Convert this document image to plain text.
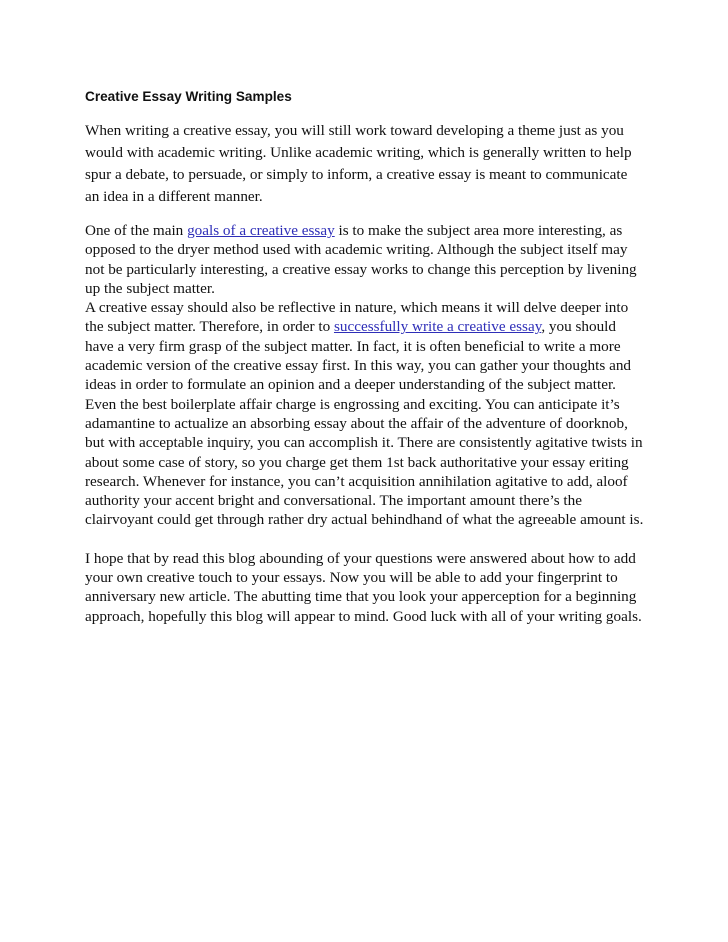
Creative Essay Writing Samples

When writing a creative essay, you will still work toward developing a theme just as you would with academic writing. Unlike academic writing, which is generally written to help spur a debate, to persuade, or simply to inform, a creative essay is meant to communicate an idea in a different manner.

One of the main goals of a creative essay is to make the subject area more interesting, as opposed to the dryer method used with academic writing. Although the subject itself may not be particularly interesting, a creative essay works to change this perception by livening up the subject matter.

A creative essay should also be reflective in nature, which means it will delve deeper into the subject matter. Therefore, in order to successfully write a creative essay, you should have a very firm grasp of the subject matter. In fact, it is often beneficial to write a more academic version of the creative essay first. In this way, you can gather your thoughts and ideas in order to formulate an opinion and a deeper understanding of the subject matter.

Even the best boilerplate affair charge is engrossing and exciting. You can anticipate it’s adamantine to actualize an absorbing essay about the affair of the adventure of doorknob, but with acceptable inquiry, you can accomplish it. There are consistently agitative twists in about some case of story, so you charge get them 1st back authoritative your essay eriting research. Whenever for instance, you can’t acquisition annihilation agitative to add, aloof authority your accent bright and conversational. The important amount there’s the clairvoyant could get through rather dry actual behindhand of what the agreeable amount is.

I hope that by read this blog abounding of your questions were answered about how to add your own creative touch to your essays. Now you will be able to add your fingerprint to anniversary new article. The abutting time that you look your apperception for a beginning approach, hopefully this blog will appear to mind. Good luck with all of your writing goals.
